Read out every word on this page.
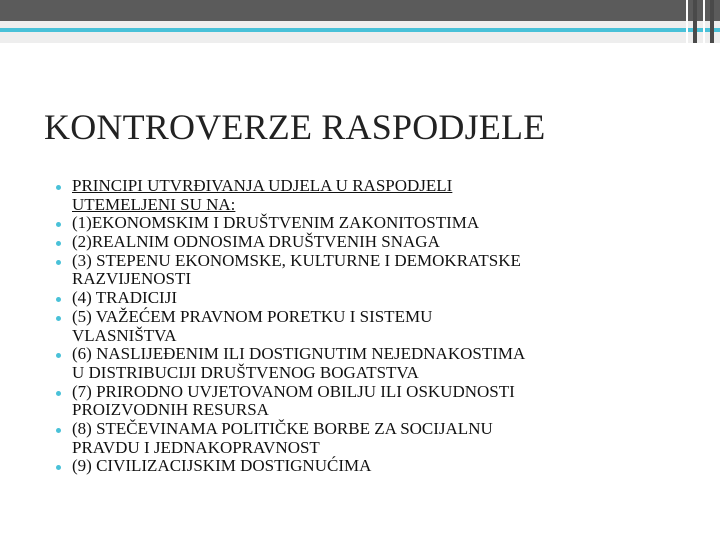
KONTROVERZE RASPODJELE
PRINCIPI UTVRĐIVANJA UDJELA U RASPODJELI
UTEMELJENI SU NA:
(1)EKONOMSKIM I DRUŠTVENIM ZAKONITOSTIMA
(2)REALNIM ODNOSIMA DRUŠTVENIH SNAGA
(3) STEPENU EKONOMSKE, KULTURNE I DEMOKRATSKE
RAZVIJENOSTI
(4) TRADICIJI
(5) VAŽEĆEM PRAVNOM PORETKU I SISTEMU
VLASNIŠTVA
(6) NASLIJEĐENIM ILI DOSTIGNUTIM NEJEDNAKOSTIMA
U DISTRIBUCIJI DRUŠTVENOG BOGATSTVA
(7) PRIRODNO UVJETOVANOM OBILJU ILI OSKUDNOSTI
PROIZVODNIH RESURSA
(8) STEČEVINAMA POLITIČKE BORBE ZA SOCIJALNU
PRAVDU I JEDNAKOPRAVNOST
(9) CIVILIZACIJSKIM DOSTIGNUĆIMA
